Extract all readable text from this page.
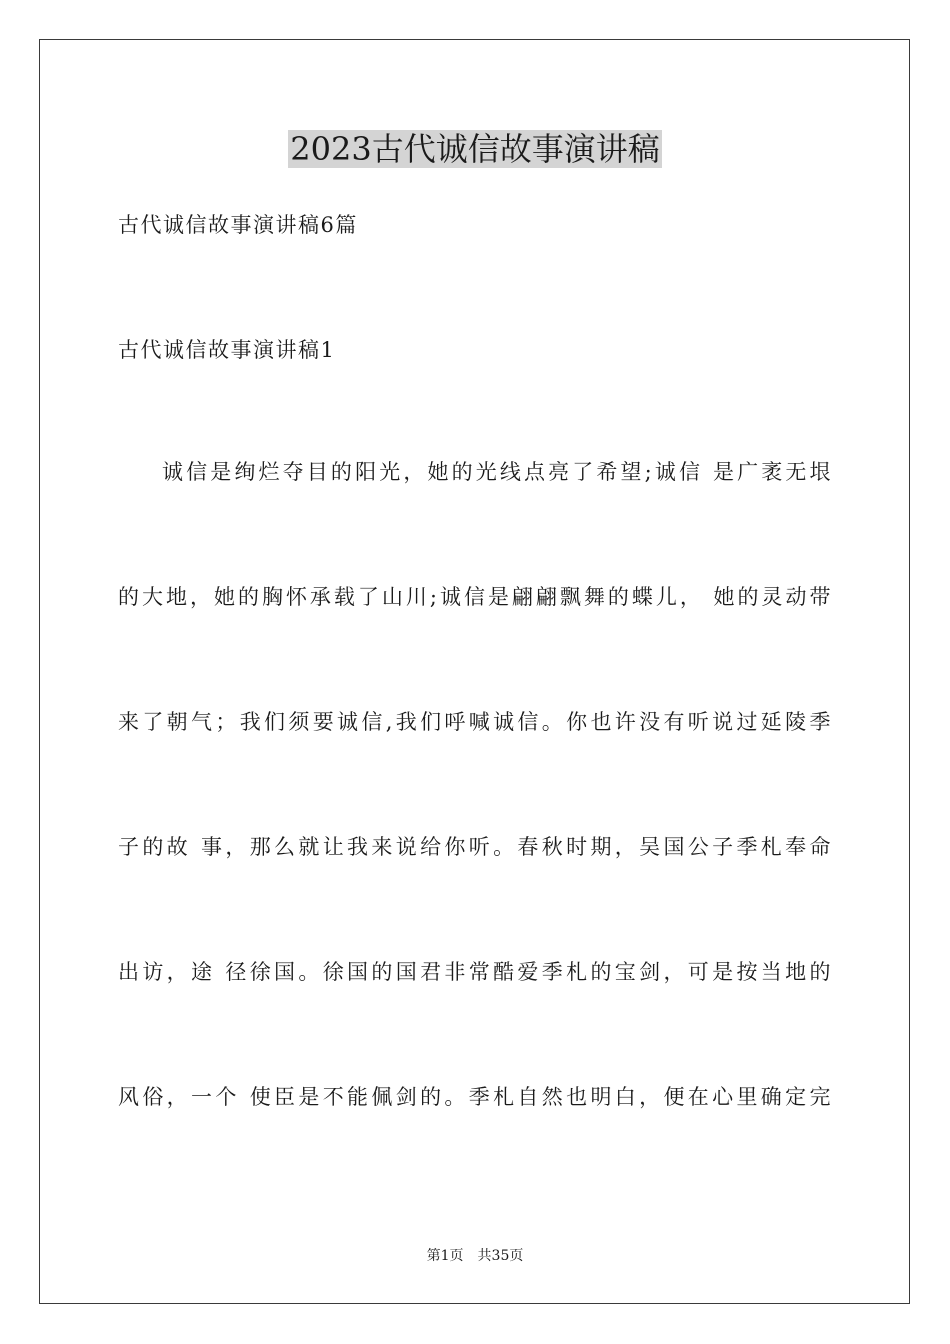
2023古代诚信故事演讲稿
古代诚信故事演讲稿6篇
古代诚信故事演讲稿1
诚信是绚烂夺目的阳光，她的光线点亮了希望;诚信 是广袤无垠
的大地，她的胸怀承载了山川;诚信是翩翩飘舞的蝶儿， 她的灵动带
来了朝气；我们须要诚信,我们呼喊诚信。你也许没有听说过延陵季
子的故 事，那么就让我来说给你听。春秋时期，吴国公子季札奉命
出访，途 径徐国。徐国的国君非常酷爱季札的宝剑，可是按当地的
风俗，一个 使臣是不能佩剑的。季札自然也明白，便在心里确定完
第1页 共35页
